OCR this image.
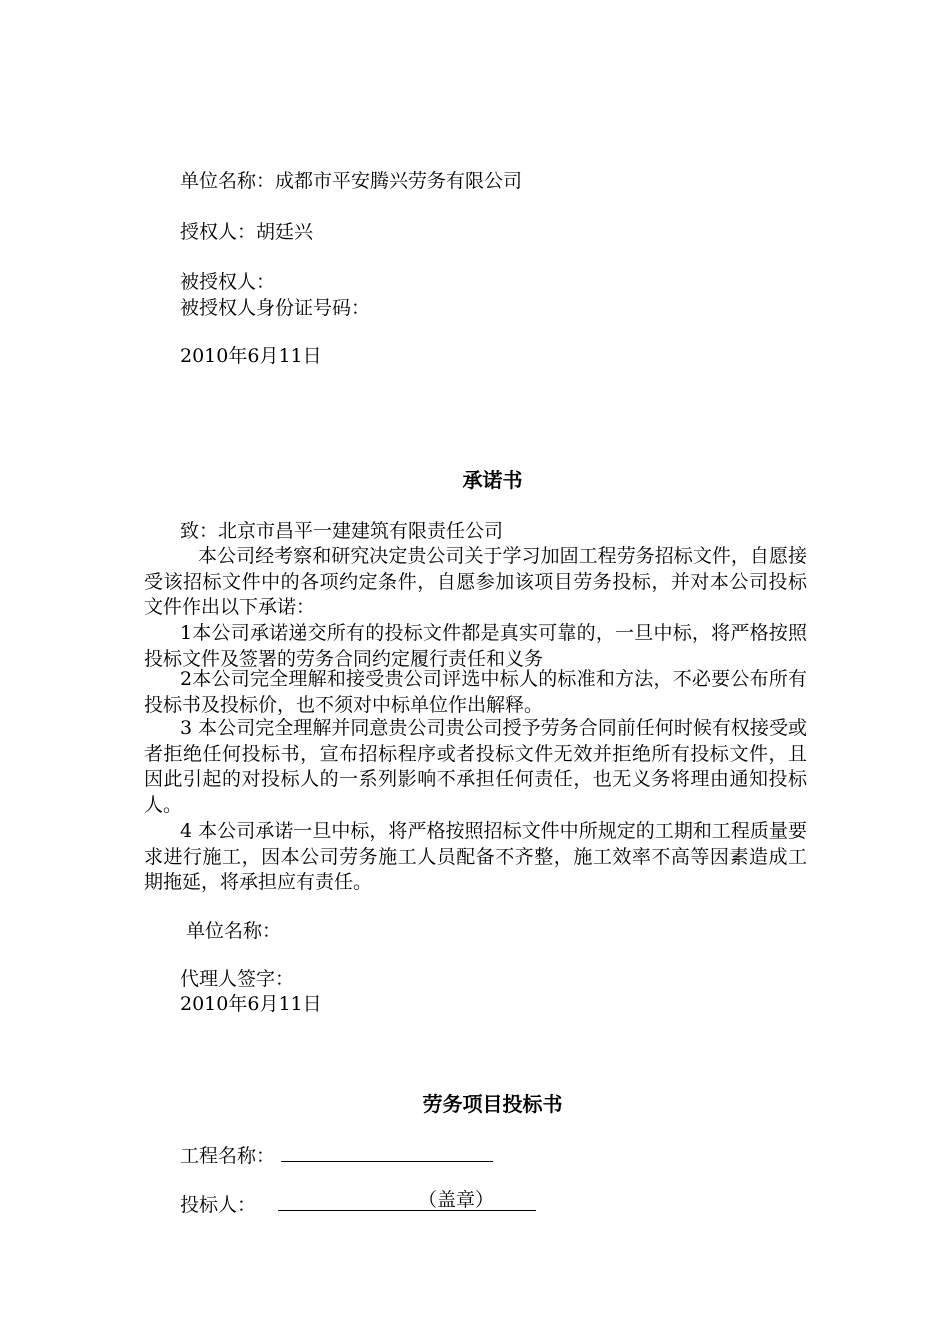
单位名称：成都市平安腾兴劳务有限公司
授权人：胡廷兴
被授权人：
被授权人身份证号码：
2010年6月11日
承诺书
致：北京市昌平一建建筑有限责任公司
本公司经考察和研究决定贵公司关于学习加固工程劳务招标文件，自愿接受该招标文件中的各项约定条件，自愿参加该项目劳务投标，并对本公司投标文件作出以下承诺：
1本公司承诺递交所有的投标文件都是真实可靠的，一旦中标，将严格按照投标文件及签署的劳务合同约定履行责任和义务
2本公司完全理解和接受贵公司评选中标人的标准和方法，不必要公布所有投标书及投标价，也不须对中标单位作出解释。
3 本公司完全理解并同意贵公司贵公司授予劳务合同前任何时候有权接受或者拒绝任何投标书，宣布招标程序或者投标文件无效并拒绝所有投标文件，且因此引起的对投标人的一系列影响不承担任何责任，也无义务将理由通知投标人。
4 本公司承诺一旦中标，将严格按照招标文件中所规定的工期和工程质量要求进行施工，因本公司劳务施工人员配备不齐整，施工效率不高等因素造成工期拖延，将承担应有责任。
单位名称：
代理人签字：
2010年6月11日
劳务项目投标书
工程名称：
投标人：	（盖章）
